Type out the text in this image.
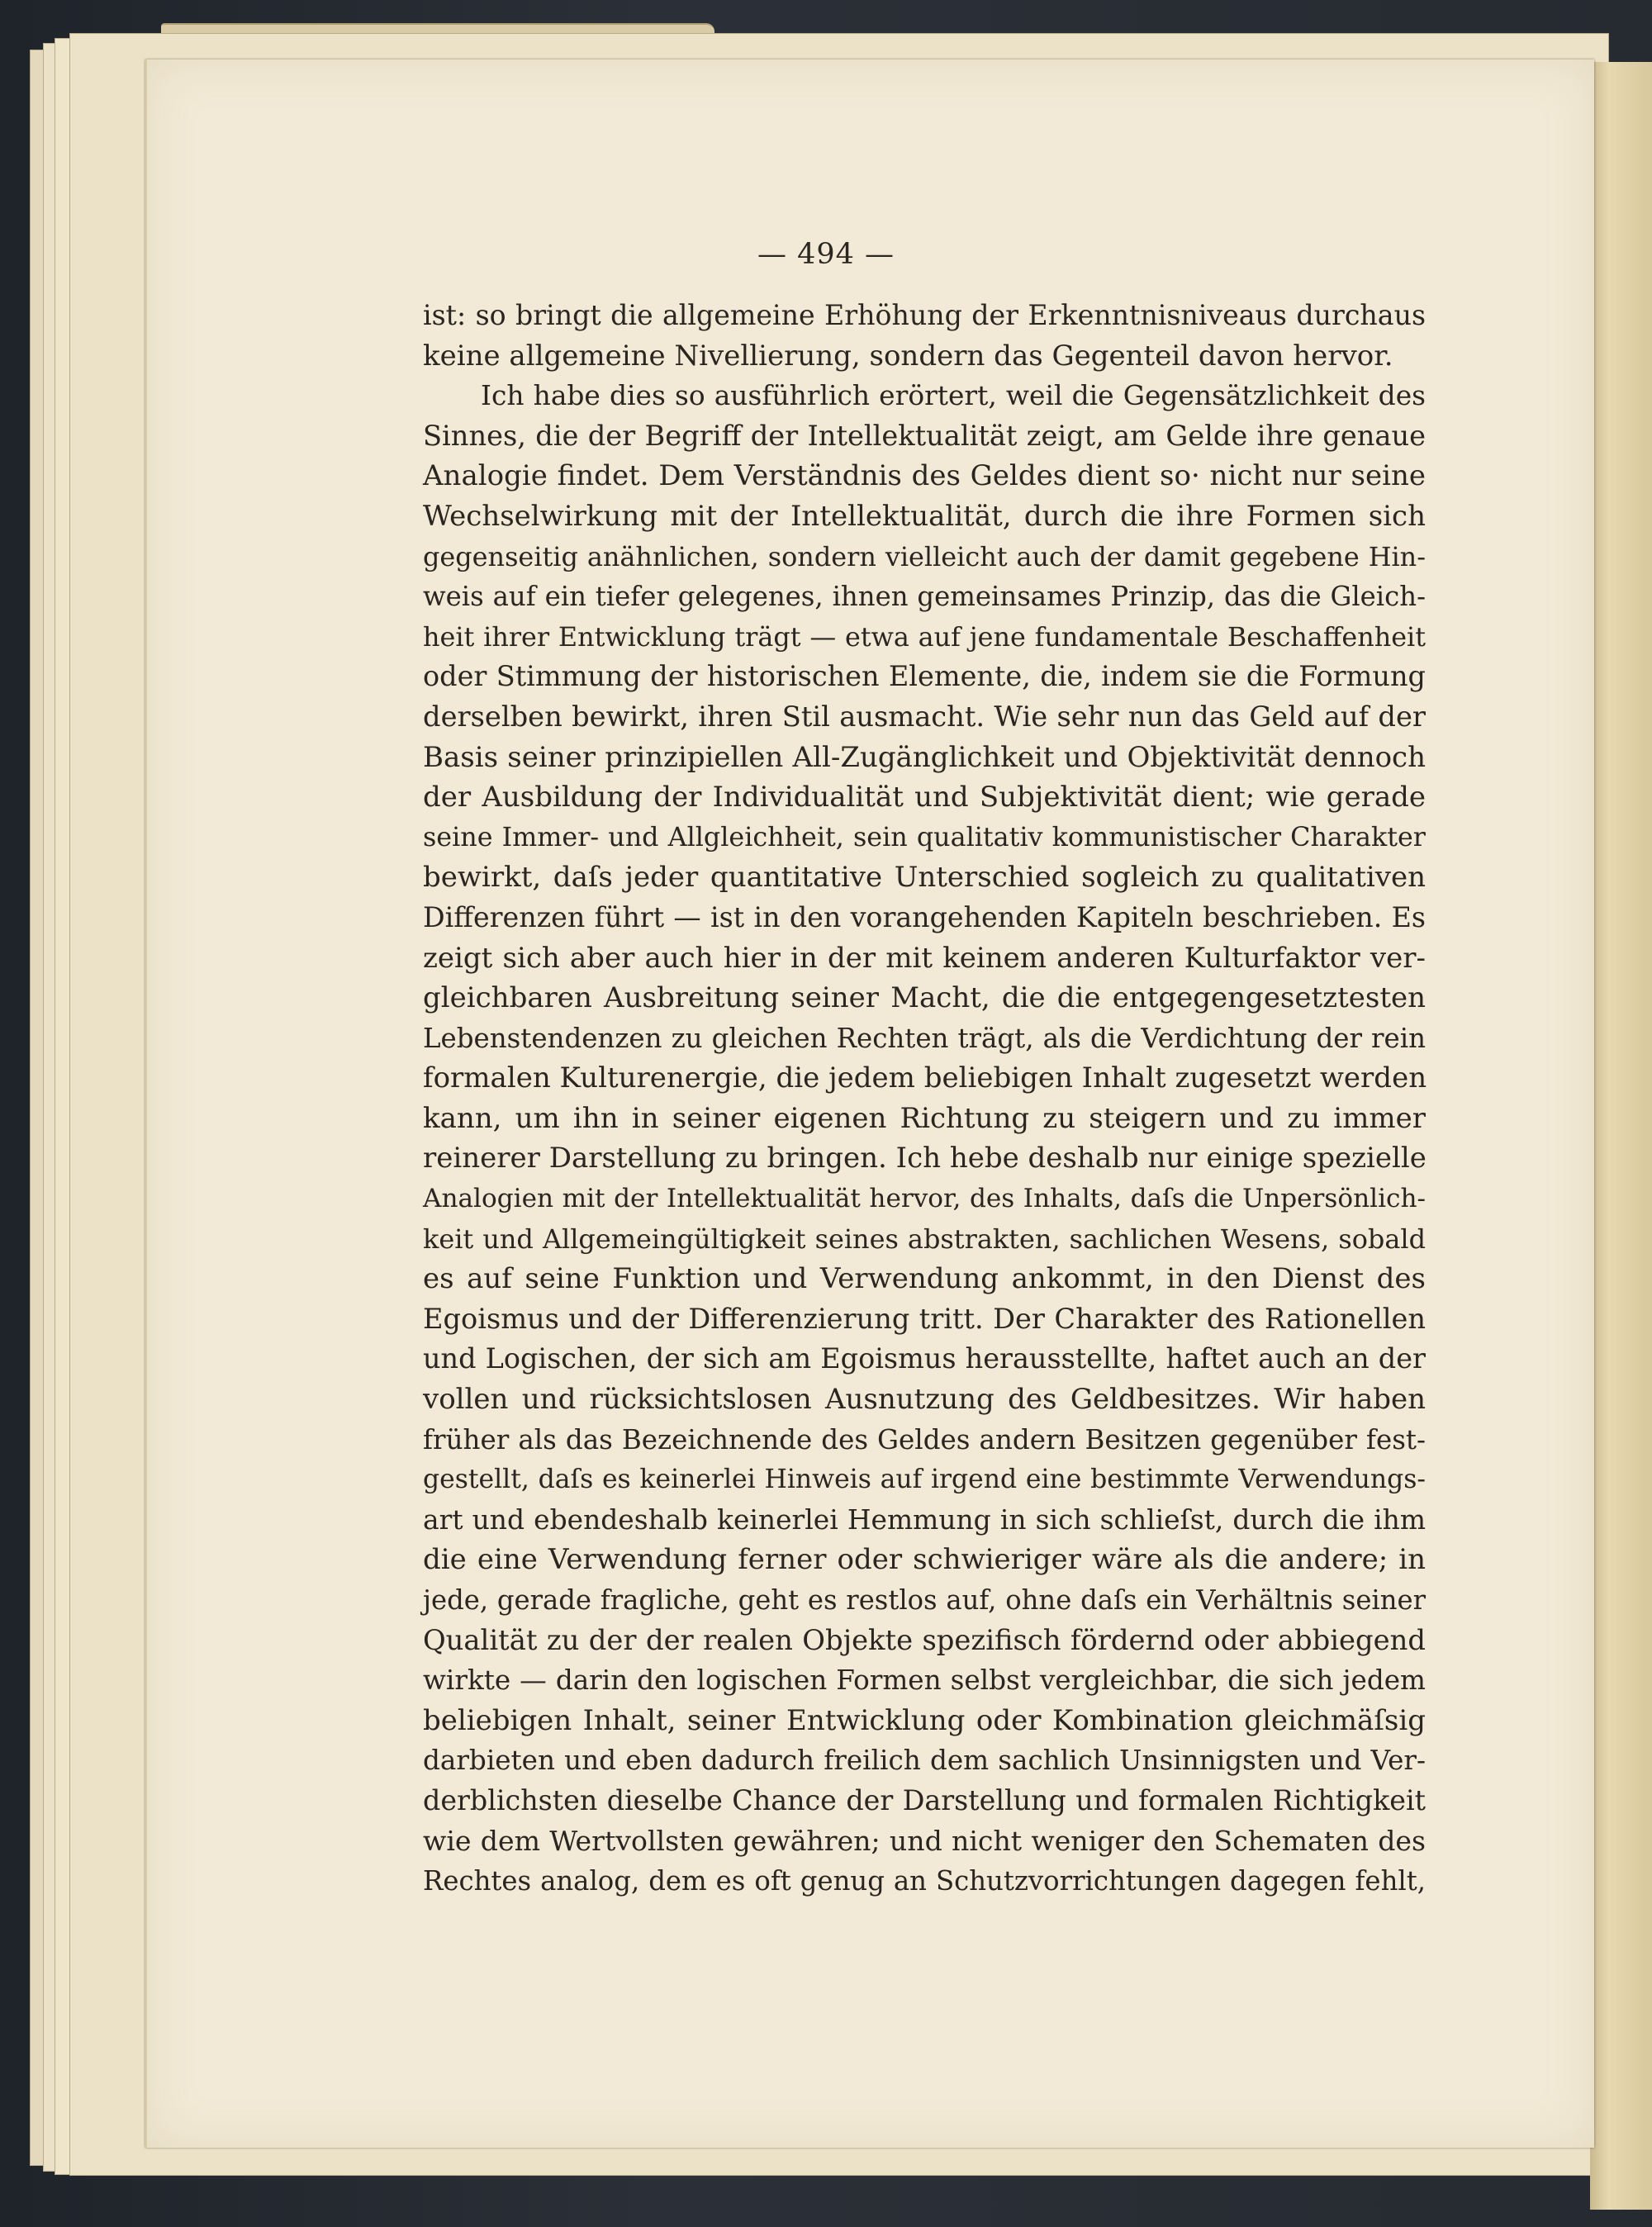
— 494 —
ist: so bringt die allgemeine Erhöhung der Erkenntnisniveaus durchaus
keine allgemeine Nivellierung, sondern das Gegenteil davon hervor.
Ich habe dies so ausführlich erörtert, weil die Gegensätzlichkeit des
Sinnes, die der Begriff der Intellektualität zeigt, am Gelde ihre genaue
Analogie findet. Dem Verständnis des Geldes dient so· nicht nur seine
Wechselwirkung mit der Intellektualität, durch die ihre Formen sich
gegenseitig anähnlichen, sondern vielleicht auch der damit gegebene Hin-
weis auf ein tiefer gelegenes, ihnen gemeinsames Prinzip, das die Gleich-
heit ihrer Entwicklung trägt — etwa auf jene fundamentale Beschaffenheit
oder Stimmung der historischen Elemente, die, indem sie die Formung
derselben bewirkt, ihren Stil ausmacht. Wie sehr nun das Geld auf der
Basis seiner prinzipiellen All-Zugänglichkeit und Objektivität dennoch
der Ausbildung der Individualität und Subjektivität dient; wie gerade
seine Immer- und Allgleichheit, sein qualitativ kommunistischer Charakter
bewirkt, daſs jeder quantitative Unterschied sogleich zu qualitativen
Differenzen führt — ist in den vorangehenden Kapiteln beschrieben. Es
zeigt sich aber auch hier in der mit keinem anderen Kulturfaktor ver-
gleichbaren Ausbreitung seiner Macht, die die entgegengesetztesten
Lebenstendenzen zu gleichen Rechten trägt, als die Verdichtung der rein
formalen Kulturenergie, die jedem beliebigen Inhalt zugesetzt werden
kann, um ihn in seiner eigenen Richtung zu steigern und zu immer
reinerer Darstellung zu bringen. Ich hebe deshalb nur einige spezielle
Analogien mit der Intellektualität hervor, des Inhalts, daſs die Unpersönlich-
keit und Allgemeingültigkeit seines abstrakten, sachlichen Wesens, sobald
es auf seine Funktion und Verwendung ankommt, in den Dienst des
Egoismus und der Differenzierung tritt. Der Charakter des Rationellen
und Logischen, der sich am Egoismus herausstellte, haftet auch an der
vollen und rücksichtslosen Ausnutzung des Geldbesitzes. Wir haben
früher als das Bezeichnende des Geldes andern Besitzen gegenüber fest-
gestellt, daſs es keinerlei Hinweis auf irgend eine bestimmte Verwendungs-
art und ebendeshalb keinerlei Hemmung in sich schlieſst, durch die ihm
die eine Verwendung ferner oder schwieriger wäre als die andere; in
jede, gerade fragliche, geht es restlos auf, ohne daſs ein Verhältnis seiner
Qualität zu der der realen Objekte spezifisch fördernd oder abbiegend
wirkte — darin den logischen Formen selbst vergleichbar, die sich jedem
beliebigen Inhalt, seiner Entwicklung oder Kombination gleichmäſsig
darbieten und eben dadurch freilich dem sachlich Unsinnigsten und Ver-
derblichsten dieselbe Chance der Darstellung und formalen Richtigkeit
wie dem Wertvollsten gewähren; und nicht weniger den Schematen des
Rechtes analog, dem es oft genug an Schutzvorrichtungen dagegen fehlt,
